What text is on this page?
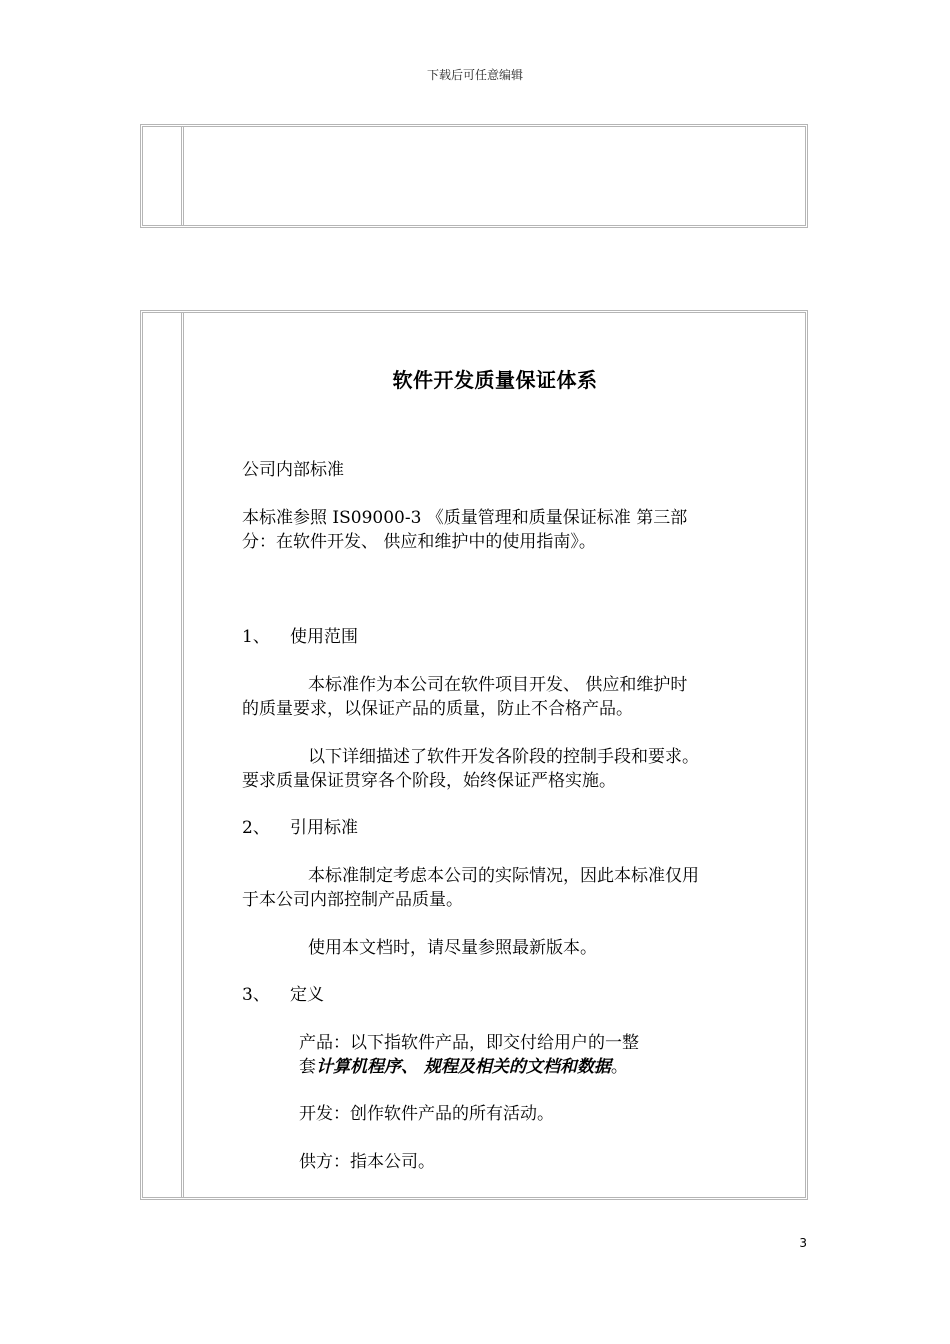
下载后可任意编辑
软件开发质量保证体系
公司内部标准
本标准参照 IS09000-3 《质量管理和质量保证标准 第三部
分：在软件开发、 供应和维护中的使用指南》。
1、 使用范围
本标准作为本公司在软件项目开发、 供应和维护时
的质量要求，以保证产品的质量，防止不合格产品。
以下详细描述了软件开发各阶段的控制手段和要求。
要求质量保证贯穿各个阶段，始终保证严格实施。
2、 引用标准
本标准制定考虑本公司的实际情况，因此本标准仅用
于本公司内部控制产品质量。
使用本文档时，请尽量参照最新版本。
3、 定义
产品：以下指软件产品，即交付给用户的一整
套计算机程序、 规程及相关的文档和数据。
开发：创作软件产品的所有活动。
供方：指本公司。
3
